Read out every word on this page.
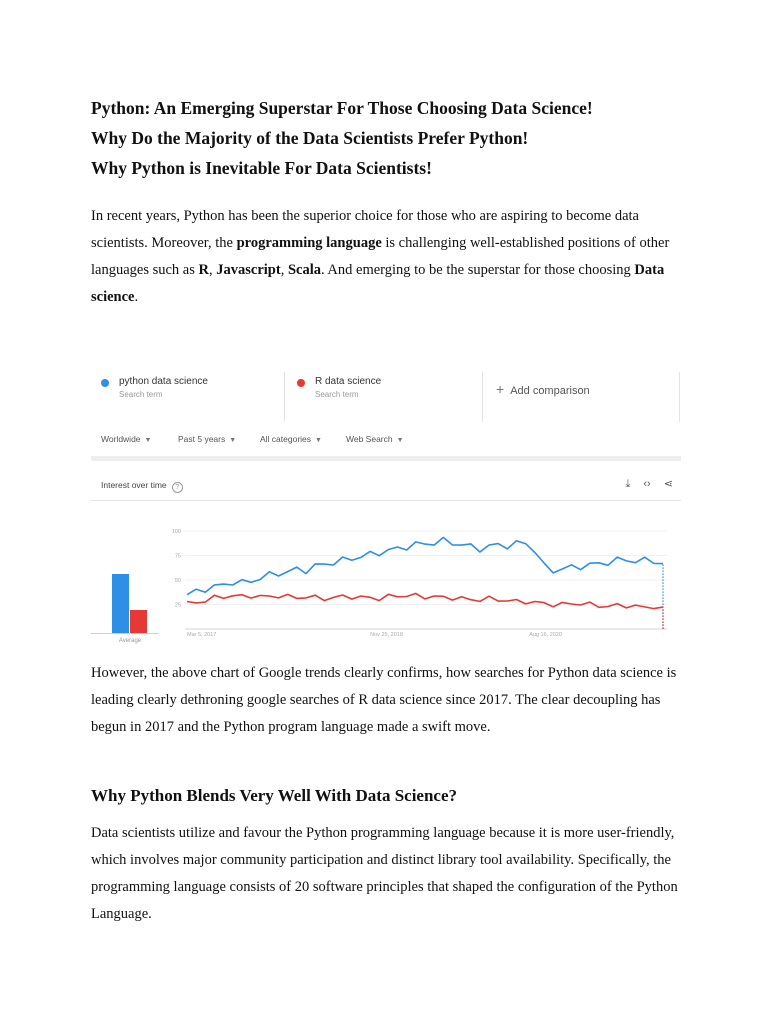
Python: An Emerging Superstar For Those Choosing Data Science!
Why Do the Majority of the Data Scientists Prefer Python!
Why Python is Inevitable For Data Scientists!
In recent years, Python has been the superior choice for those who are aspiring to become data scientists. Moreover, the programming language is challenging well-established positions of other languages such as R, Javascript, Scala. And emerging to be the superstar for those choosing Data science.
python data science
Search term
R data science
Search term	+ Add comparison
Worldwide ▼	Past 5 years ▼	All categories ▼	Web Search ▼
Interest over time ?	⤓ ‹› ⋖
Average
100
75
50
25
Mar 5, 2017	Nov 25, 2018	Aug 16, 2020
However, the above chart of Google trends clearly confirms, how searches for Python data science is leading clearly dethroning google searches of R data science since 2017. The clear decoupling has begun in 2017 and the Python program language made a swift move.
Why Python Blends Very Well With Data Science?
Data scientists utilize and favour the Python programming language because it is more user-friendly, which involves major community participation and distinct library tool availability. Specifically, the programming language consists of 20 software principles that shaped the configuration of the Python Language.
